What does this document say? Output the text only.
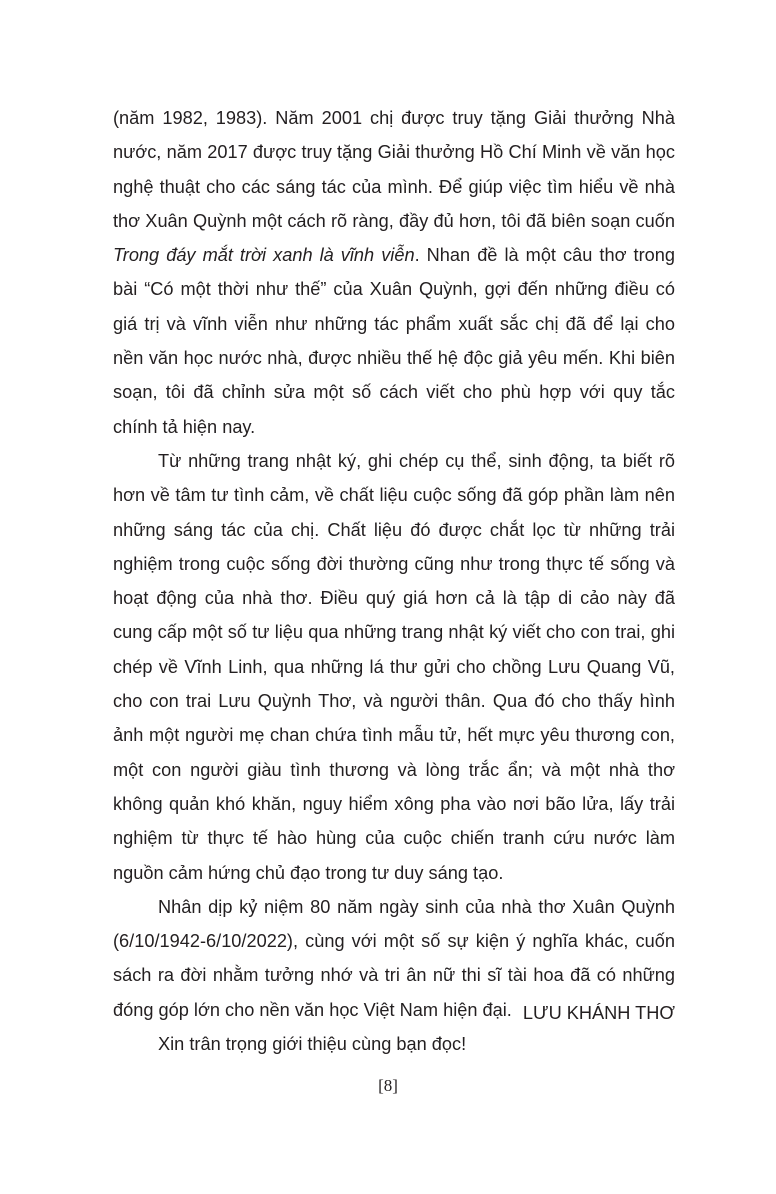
(năm 1982, 1983). Năm 2001 chị được truy tặng Giải thưởng Nhà nước, năm 2017 được truy tặng Giải thưởng Hồ Chí Minh về văn học nghệ thuật cho các sáng tác của mình. Để giúp việc tìm hiểu về nhà thơ Xuân Quỳnh một cách rõ ràng, đầy đủ hơn, tôi đã biên soạn cuốn Trong đáy mắt trời xanh là vĩnh viễn. Nhan đề là một câu thơ trong bài “Có một thời như thế” của Xuân Quỳnh, gợi đến những điều có giá trị và vĩnh viễn như những tác phẩm xuất sắc chị đã để lại cho nền văn học nước nhà, được nhiều thế hệ độc giả yêu mến. Khi biên soạn, tôi đã chỉnh sửa một số cách viết cho phù hợp với quy tắc chính tả hiện nay.

Từ những trang nhật ký, ghi chép cụ thể, sinh động, ta biết rõ hơn về tâm tư tình cảm, về chất liệu cuộc sống đã góp phần làm nên những sáng tác của chị. Chất liệu đó được chắt lọc từ những trải nghiệm trong cuộc sống đời thường cũng như trong thực tế sống và hoạt động của nhà thơ. Điều quý giá hơn cả là tập di cảo này đã cung cấp một số tư liệu qua những trang nhật ký viết cho con trai, ghi chép về Vĩnh Linh, qua những lá thư gửi cho chồng Lưu Quang Vũ, cho con trai Lưu Quỳnh Thơ, và người thân. Qua đó cho thấy hình ảnh một người mẹ chan chứa tình mẫu tử, hết mực yêu thương con, một con người giàu tình thương và lòng trắc ẩn; và một nhà thơ không quản khó khăn, nguy hiểm xông pha vào nơi bão lửa, lấy trải nghiệm từ thực tế hào hùng của cuộc chiến tranh cứu nước làm nguồn cảm hứng chủ đạo trong tư duy sáng tạo.

Nhân dịp kỷ niệm 80 năm ngày sinh của nhà thơ Xuân Quỳnh (6/10/1942-6/10/2022), cùng với một số sự kiện ý nghĩa khác, cuốn sách ra đời nhằm tưởng nhớ và tri ân nữ thi sĩ tài hoa đã có những đóng góp lớn cho nền văn học Việt Nam hiện đại.

Xin trân trọng giới thiệu cùng bạn đọc!

LƯU KHÁNH THƠ
[8]
